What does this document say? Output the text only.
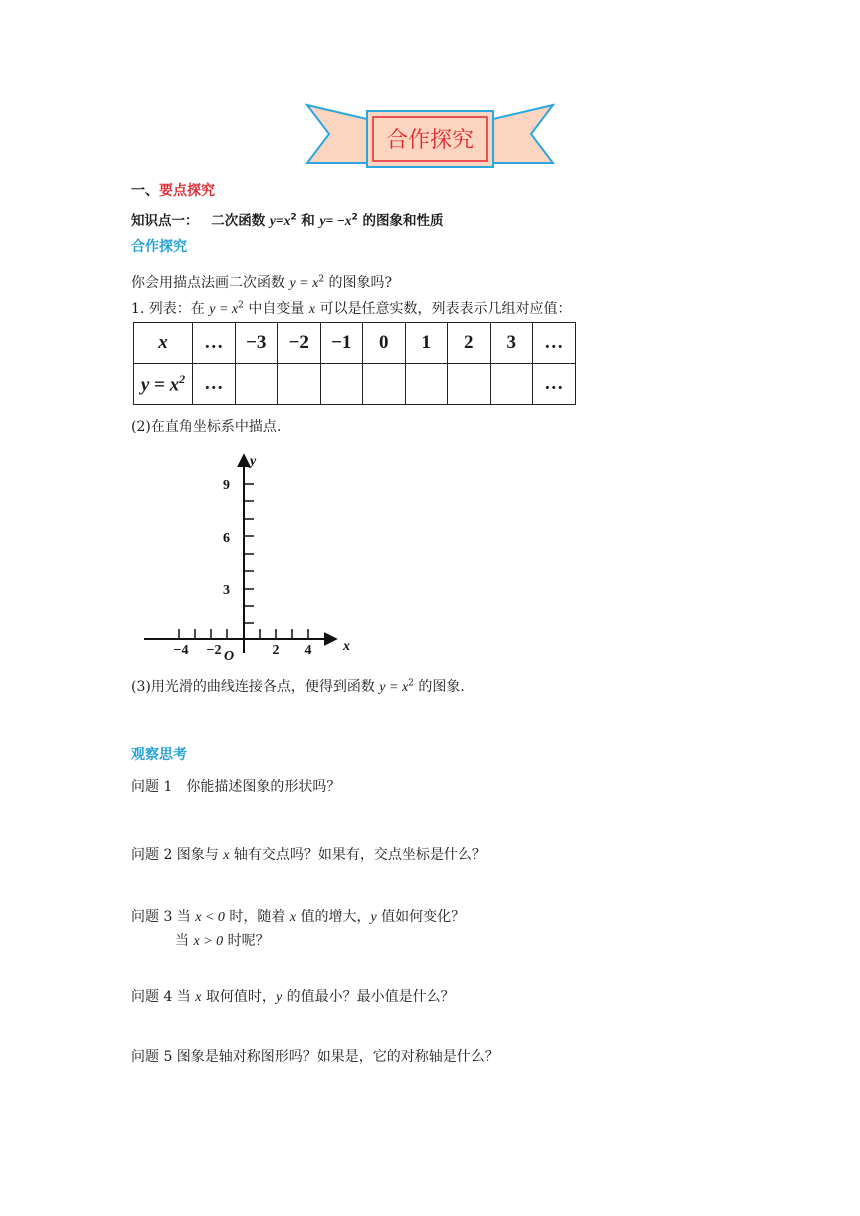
合作探究
一、要点探究
知识点一： 二次函数 $y=x^2$ 和 $y= -x^2$ 的图象和性质
合作探究
你会用描点法画二次函数 $y = x^2$ 的图象吗?
1. 列表：在 $y = x^2$ 中自变量 x 可以是任意实数，列表表示几组对应值：
x	…	−3	−2	−1	0	1	2	3	…
$y = x^2$	…								…
(2)在直角坐标系中描点.
y
x
O
9
6
3
−4 −2	2 4
(3)用光滑的曲线连接各点，便得到函数 $y = x^2$ 的图象.
观察思考
问题 1　你能描述图象的形状吗？
问题 2 图象与 x 轴有交点吗？如果有，交点坐标是什么？
问题 3 当 x < 0 时，随着 x 值的增大，y 值如何变化？
当 x > 0 时呢？
问题 4 当 x 取何值时，y 的值最小？最小值是什么？
问题 5 图象是轴对称图形吗？如果是，它的对称轴是什么？
